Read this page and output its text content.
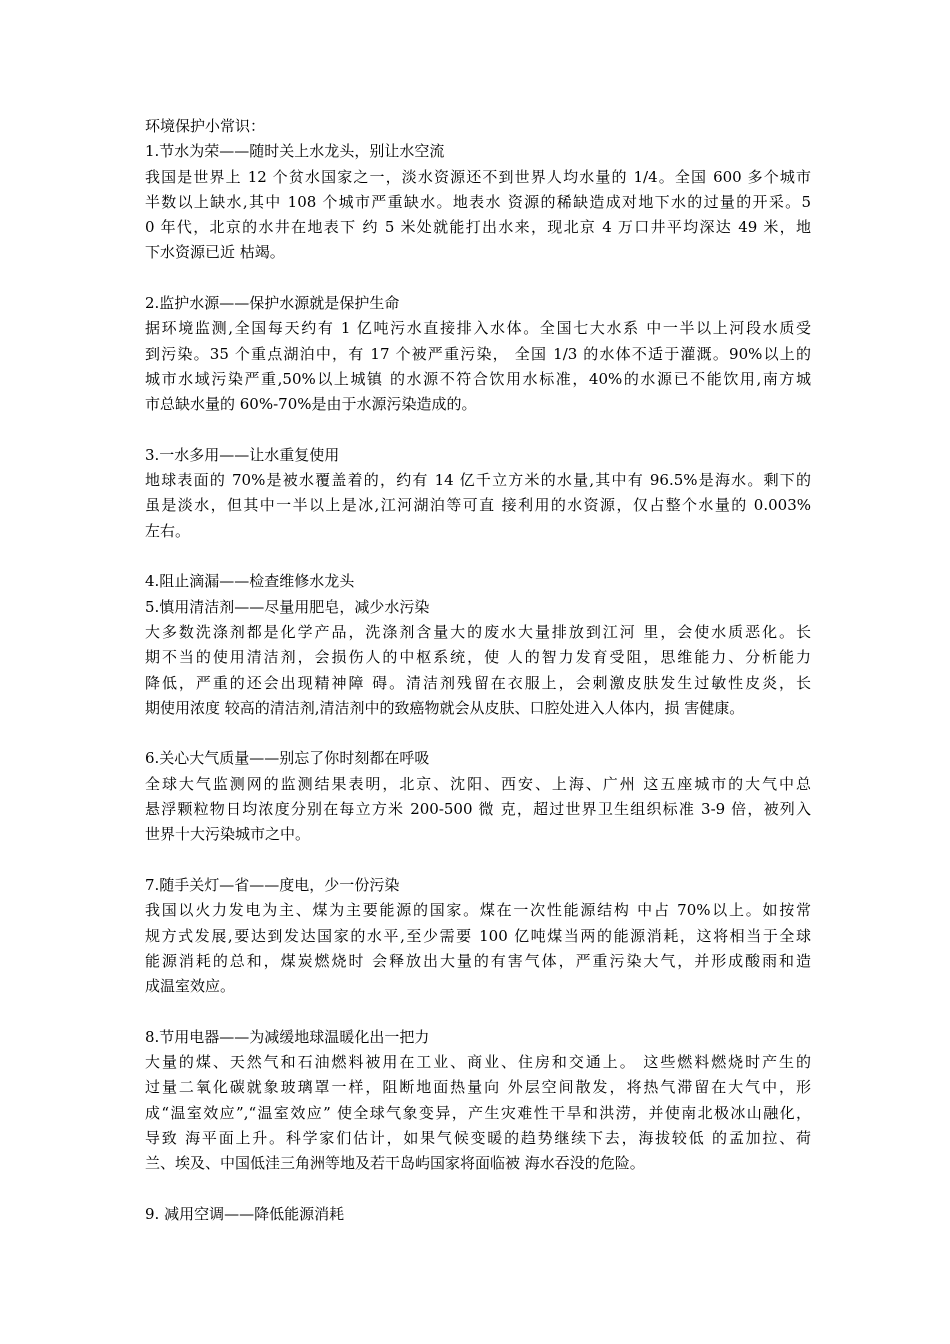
环境保护小常识：
1.节水为荣——随时关上水龙头，别让水空流
我国是世界上 12 个贫水国家之一，淡水资源还不到世界人均水量的 1/4。全国 600 多个城市
半数以上缺水,其中 108 个城市严重缺水。地表水 资源的稀缺造成对地下水的过量的开采。5
0 年代，北京的水井在地表下 约 5 米处就能打出水来，现北京 4 万口井平均深达 49 米，地
下水资源已近 枯竭。
2.监护水源——保护水源就是保护生命
据环境监测,全国每天约有 1 亿吨污水直接排入水体。全国七大水系 中一半以上河段水质受
到污染。35 个重点湖泊中，有 17 个被严重污染， 全国 1/3 的水体不适于灌溉。90%以上的
城市水域污染严重,50%以上城镇 的水源不符合饮用水标准，40%的水源已不能饮用,南方城
市总缺水量的 60%-70%是由于水源污染造成的。
3.一水多用——让水重复使用
地球表面的 70%是被水覆盖着的，约有 14 亿千立方米的水量,其中有 96.5%是海水。剩下的
虽是淡水，但其中一半以上是冰,江河湖泊等可直 接利用的水资源，仅占整个水量的 0.003%
左右。
4.阻止滴漏——检查维修水龙头
5.慎用清洁剂——尽量用肥皂，减少水污染
大多数洗涤剂都是化学产品，洗涤剂含量大的废水大量排放到江河 里，会使水质恶化。长
期不当的使用清洁剂，会损伤人的中枢系统，使 人的智力发育受阻，思维能力、分析能力
降低，严重的还会出现精神障 碍。清洁剂残留在衣服上，会刺激皮肤发生过敏性皮炎，长
期使用浓度 较高的清洁剂,清洁剂中的致癌物就会从皮肤、口腔处进入人体内，损 害健康。
6.关心大气质量——别忘了你时刻都在呼吸
全球大气监测网的监测结果表明，北京、沈阳、西安、上海、广州 这五座城市的大气中总
悬浮颗粒物日均浓度分别在每立方米 200-500 微 克，超过世界卫生组织标准 3-9 倍，被列入
世界十大污染城市之中。
7.随手关灯—省——度电，少一份污染
我国以火力发电为主、煤为主要能源的国家。煤在一次性能源结构 中占 70%以上。如按常
规方式发展,要达到发达国家的水平,至少需要 100 亿吨煤当两的能源消耗，这将相当于全球
能源消耗的总和，煤炭燃烧时 会释放出大量的有害气体，严重污染大气，并形成酸雨和造
成温室效应。
8.节用电器——为减缓地球温暖化出一把力
大量的煤、天然气和石油燃料被用在工业、商业、住房和交通上。 这些燃料燃烧时产生的
过量二氧化碳就象玻璃罩一样，阻断地面热量向 外层空间散发，将热气滞留在大气中，形
成“温室效应”,“温室效应” 使全球气象变异，产生灾难性干旱和洪涝，并使南北极冰山融化，
导致 海平面上升。科学家们估计，如果气候变暖的趋势继续下去，海拔较低 的孟加拉、荷
兰、埃及、中国低洼三角洲等地及若干岛屿国家将面临被 海水吞没的危险。
9. 减用空调——降低能源消耗
